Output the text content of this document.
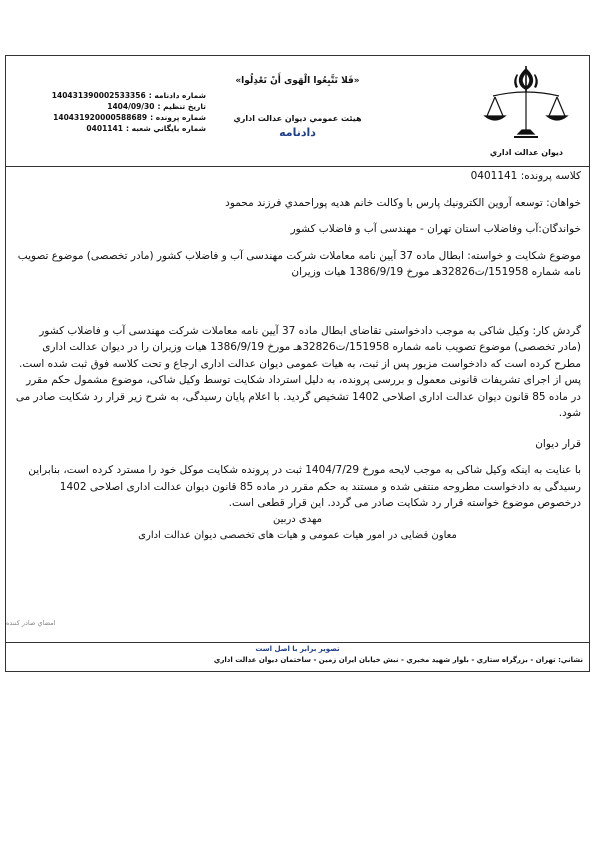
ديوان عدالت اداري
«فَلا تَتَّبِعُوا الْهَوى أَنْ تَعْدِلُوا»
هيئت عمومي ديوان عدالت اداري
دادنامه
شماره دادنامه :
140431390002533356
تاريخ تنظيم :
1404/09/30
شماره پرونده :
140431920000588689
شماره بايگاني شعبه :
0401141

كلاسه پرونده: 0401141

خواهان: توسعه آروين الكترونيك پارس با وكالت خانم هديه پوراحمدي فرزند محمود

خواندگان:آب وفاضلاب استان تهران - مهندسی آب و فاضلاب كشور

موضوع شکايت و خواسته: ابطال ماده 37 آيين نامه معاملات شرکت مهندسی آب و فاضلاب کشور (مادر تخصصی) موضوع تصويب نامه شماره 151958/ت32826هـ مورخ 1386/9/19 هيات وزيران

گردش کار: وکيل شاکی به موجب دادخواستی تقاضای ابطال ماده 37 آيين نامه معاملات شرکت مهندسی آب و فاضلاب کشور (مادر تخصصی) موضوع تصويب نامه شماره 151958/ت32826هـ مورخ 1386/9/19 هيات وزيران را در ديوان عدالت اداری مطرح کرده است که دادخواست مزبور پس از ثبت، به هيات عمومی ديوان عدالت اداری ارجاع و تحت کلاسه فوق ثبت شده است. پس از اجرای تشريفات قانونی معمول و بررسی پرونده، به دليل استرداد شکايت توسط وکيل شاکی، موضوع مشمول حکم مقرر در ماده 85 قانون ديوان عدالت اداری اصلاحی 1402 تشخيص گرديد. با اعلام پايان رسيدگی، به شرح زير قرار رد شکايت صادر می شود.

قرار ديوان

با عنايت به اينکه وکيل شاکی به موجب لايحه مورخ 1404/7/29 ثبت در پرونده شکايت موکل خود را مسترد کرده است، بنابراين رسيدگی به دادخواست مطروحه منتفی شده و مستند به حکم مقرر در ماده 85 قانون ديوان عدالت اداری اصلاحی 1402 درخصوص موضوع خواسته قرار رد شکايت صادر می گردد. اين قرار قطعی است.

مهدی دربين

معاون قضايی در امور هيات عمومی و هيات های تخصصی ديوان عدالت اداری

امضاي صادر كننده
تصوير برابر با اصل است
نشاني: تهران - بزرگراه ستاري - بلوار شهيد مخبري - نبش خيابان ايران زمين - ساختمان ديوان عدالت اداري
